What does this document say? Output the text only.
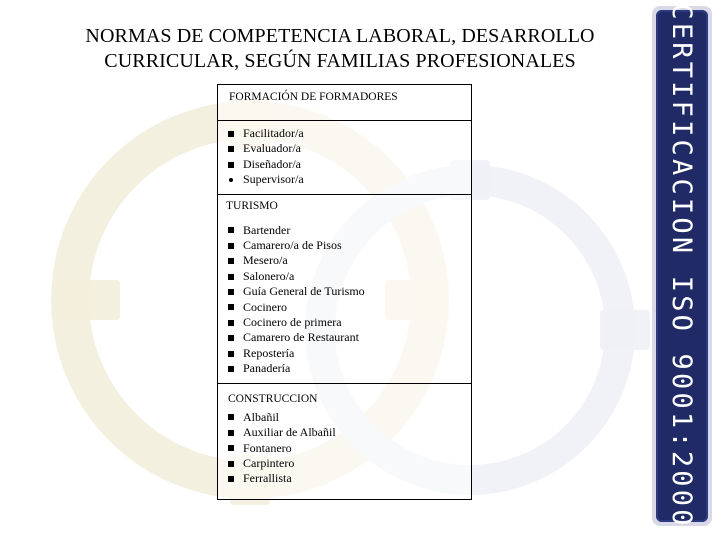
NORMAS DE COMPETENCIA LABORAL, DESARROLLO
CURRICULAR, SEGÚN FAMILIAS PROFESIONALES	CERTIFICACION ISO 9001:2000
FORMACIÓN DE FORMADORES
Facilitador/a
Evaluador/a
Diseñador/a
Supervisor/a
TURISMO
Bartender
Camarero/a de Pisos
Mesero/a
Salonero/a
Guía General de Turismo
Cocinero
Cocinero de primera
Camarero de Restaurant
Repostería
Panadería
CONSTRUCCION
Albañil
Auxiliar de Albañil
Fontanero
Carpintero
Ferrallista
